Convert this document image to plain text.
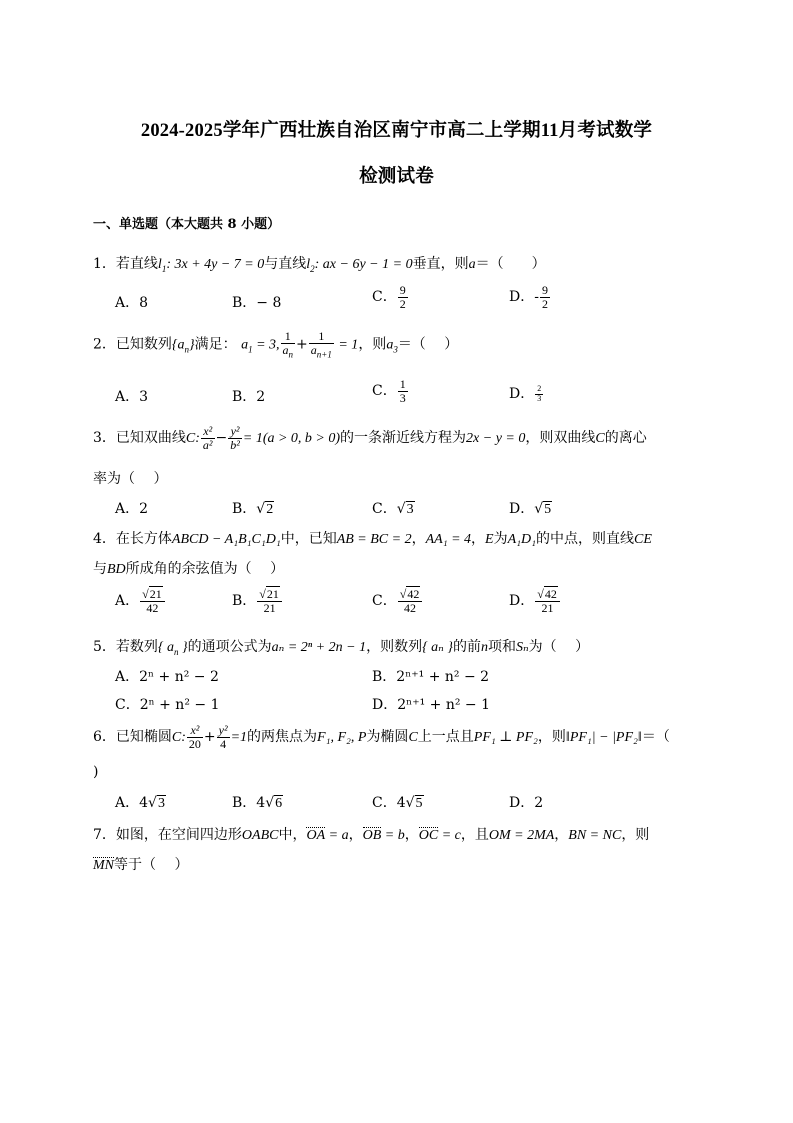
2024-2025学年广西壮族自治区南宁市高二上学期11月考试数学
检测试卷
一、单选题（本大题共 8 小题）
1．若直线$l_1$: 3x + 4y − 7 = 0与直线$l_2$: ax − 6y − 1 = 0垂直，则a＝（　　）
A．8	B．− 8	C． $\frac{9}{2}$	D．- $\frac{9}{2}$
2．已知数列$\{a_n\}$满足： $a_1 = 3$, $\frac{1}{a_n} + \frac{1}{a_{n+1}} = 1$，则$a_3=$（　 ）
A．3	B．2	C． $\frac{1}{3}$	D． $\frac{2}{3}$
3．已知双曲线C: $\frac{\text{x²}}{\text{a²}} - \frac{\text{y²}}{\text{b²}} = 1(a > 0$, b > 0)的一条渐近线方程为2x − y = 0，则双曲线C的离心
率为（　 ）
A．2	B．√2	C．√3	D．√5
4．在长方体ABCD − A₁B₁C₁D₁中，已知AB = BC = 2，AA₁ = 4，E为A₁D₁的中点，则直线CE
与BD所成角的余弦值为（　 ）
A． $\frac{√21}{42}$	B． $\frac{√21}{21}$	C． $\frac{√42}{42}$	D． $\frac{√42}{21}$
5．若数列{ $a_n$ }的通项公式为aₙ = 2ⁿ + 2n − 1，则数列{ aₙ }的前n项和Sₙ为（　 ）
A．2ⁿ + n² − 2	B．2ⁿ⁺¹ + n² − 2
C．2ⁿ + n² − 1	D．2ⁿ⁺¹ + n² − 1
6．已知椭圆C: $\frac{\text{x²}}{20} + \frac{\text{y²}}{4} =1$的两焦点为F₁, F₂, P为椭圆C上一点且PF₁ ⊥ PF₂，则‖PF₁| − |PF₂‖＝（
)
A．4√3	B．4√6	C．4√5	D．2
7．如图，在空间四边形OABC中，OA = a，OB = b，OC = c，且OM = 2MA，BN = NC，则
MN等于（　 ）
